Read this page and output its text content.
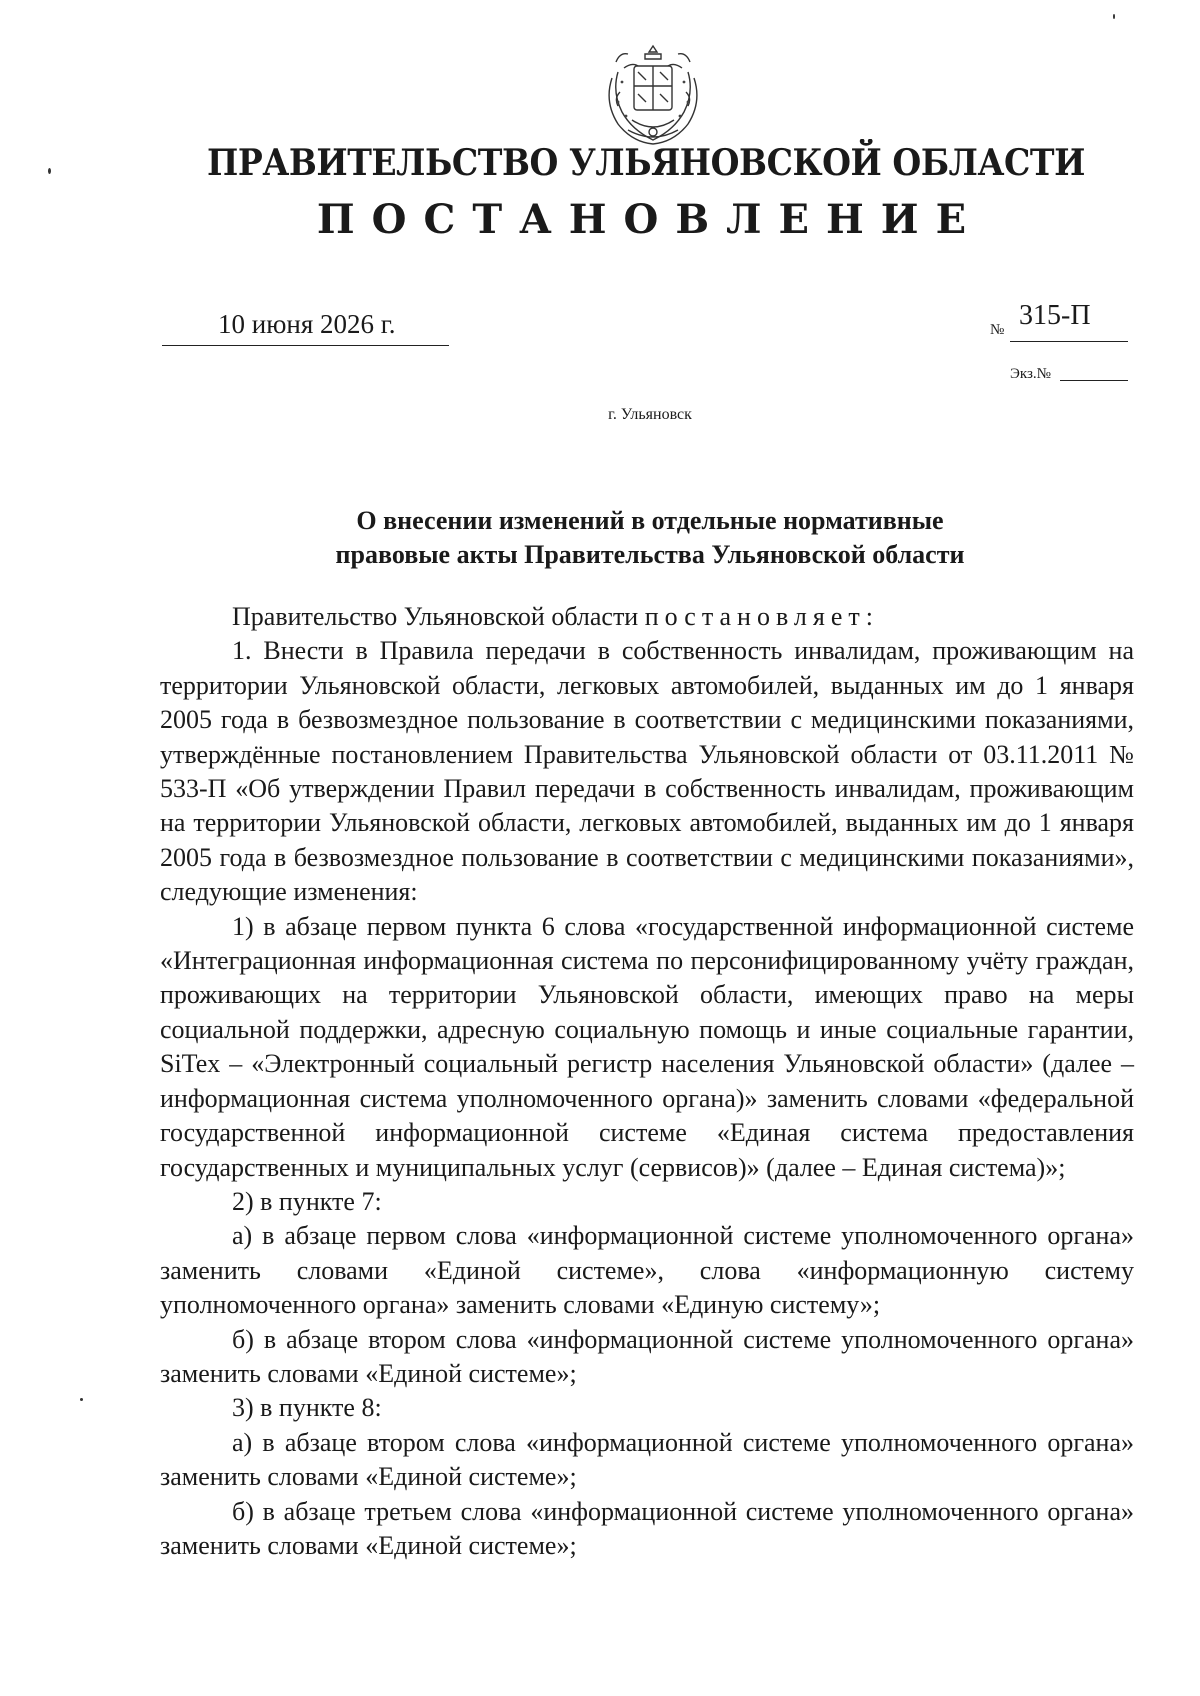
ПРАВИТЕЛЬСТВО УЛЬЯНОВСКОЙ ОБЛАСТИ
ПОСТАНОВЛЕНИЕ
10 июня 2026 г.	№ 315-П
Экз.№
г. Ульяновск
О внесении изменений в отдельные нормативные
правовые акты Правительства Ульяновской области

Правительство Ульяновской области постановляет:

1. Внести в Правила передачи в собственность инвалидам, проживающим на территории Ульяновской области, легковых автомобилей, выданных им до 1 января 2005 года в безвозмездное пользование в соответствии с медицинскими показаниями, утверждённые постановлением Правительства Ульяновской области от 03.11.2011 № 533-П «Об утверждении Правил передачи в собственность инвалидам, проживающим на территории Ульяновской области, легковых автомобилей, выданных им до 1 января 2005 года в безвозмездное пользование в соответствии с медицинскими показаниями», следующие изменения:

1) в абзаце первом пункта 6 слова «государственной информационной системе «Интеграционная информационная система по персонифицированному учёту граждан, проживающих на территории Ульяновской области, имеющих право на меры социальной поддержки, адресную социальную помощь и иные социальные гарантии, SiTex – «Электронный социальный регистр населения Ульяновской области» (далее – информационная система уполномоченного органа)» заменить словами «федеральной государственной информационной системе «Единая система предоставления государственных и муниципальных услуг (сервисов)» (далее – Единая система)»;

2) в пункте 7:

а) в абзаце первом слова «информационной системе уполномоченного органа» заменить словами «Единой системе», слова «информационную систему уполномоченного органа» заменить словами «Единую систему»;

б) в абзаце втором слова «информационной системе уполномоченного органа» заменить словами «Единой системе»;

3) в пункте 8:

а) в абзаце втором слова «информационной системе уполномоченного органа» заменить словами «Единой системе»;

б) в абзаце третьем слова «информационной системе уполномоченного органа» заменить словами «Единой системе»;
